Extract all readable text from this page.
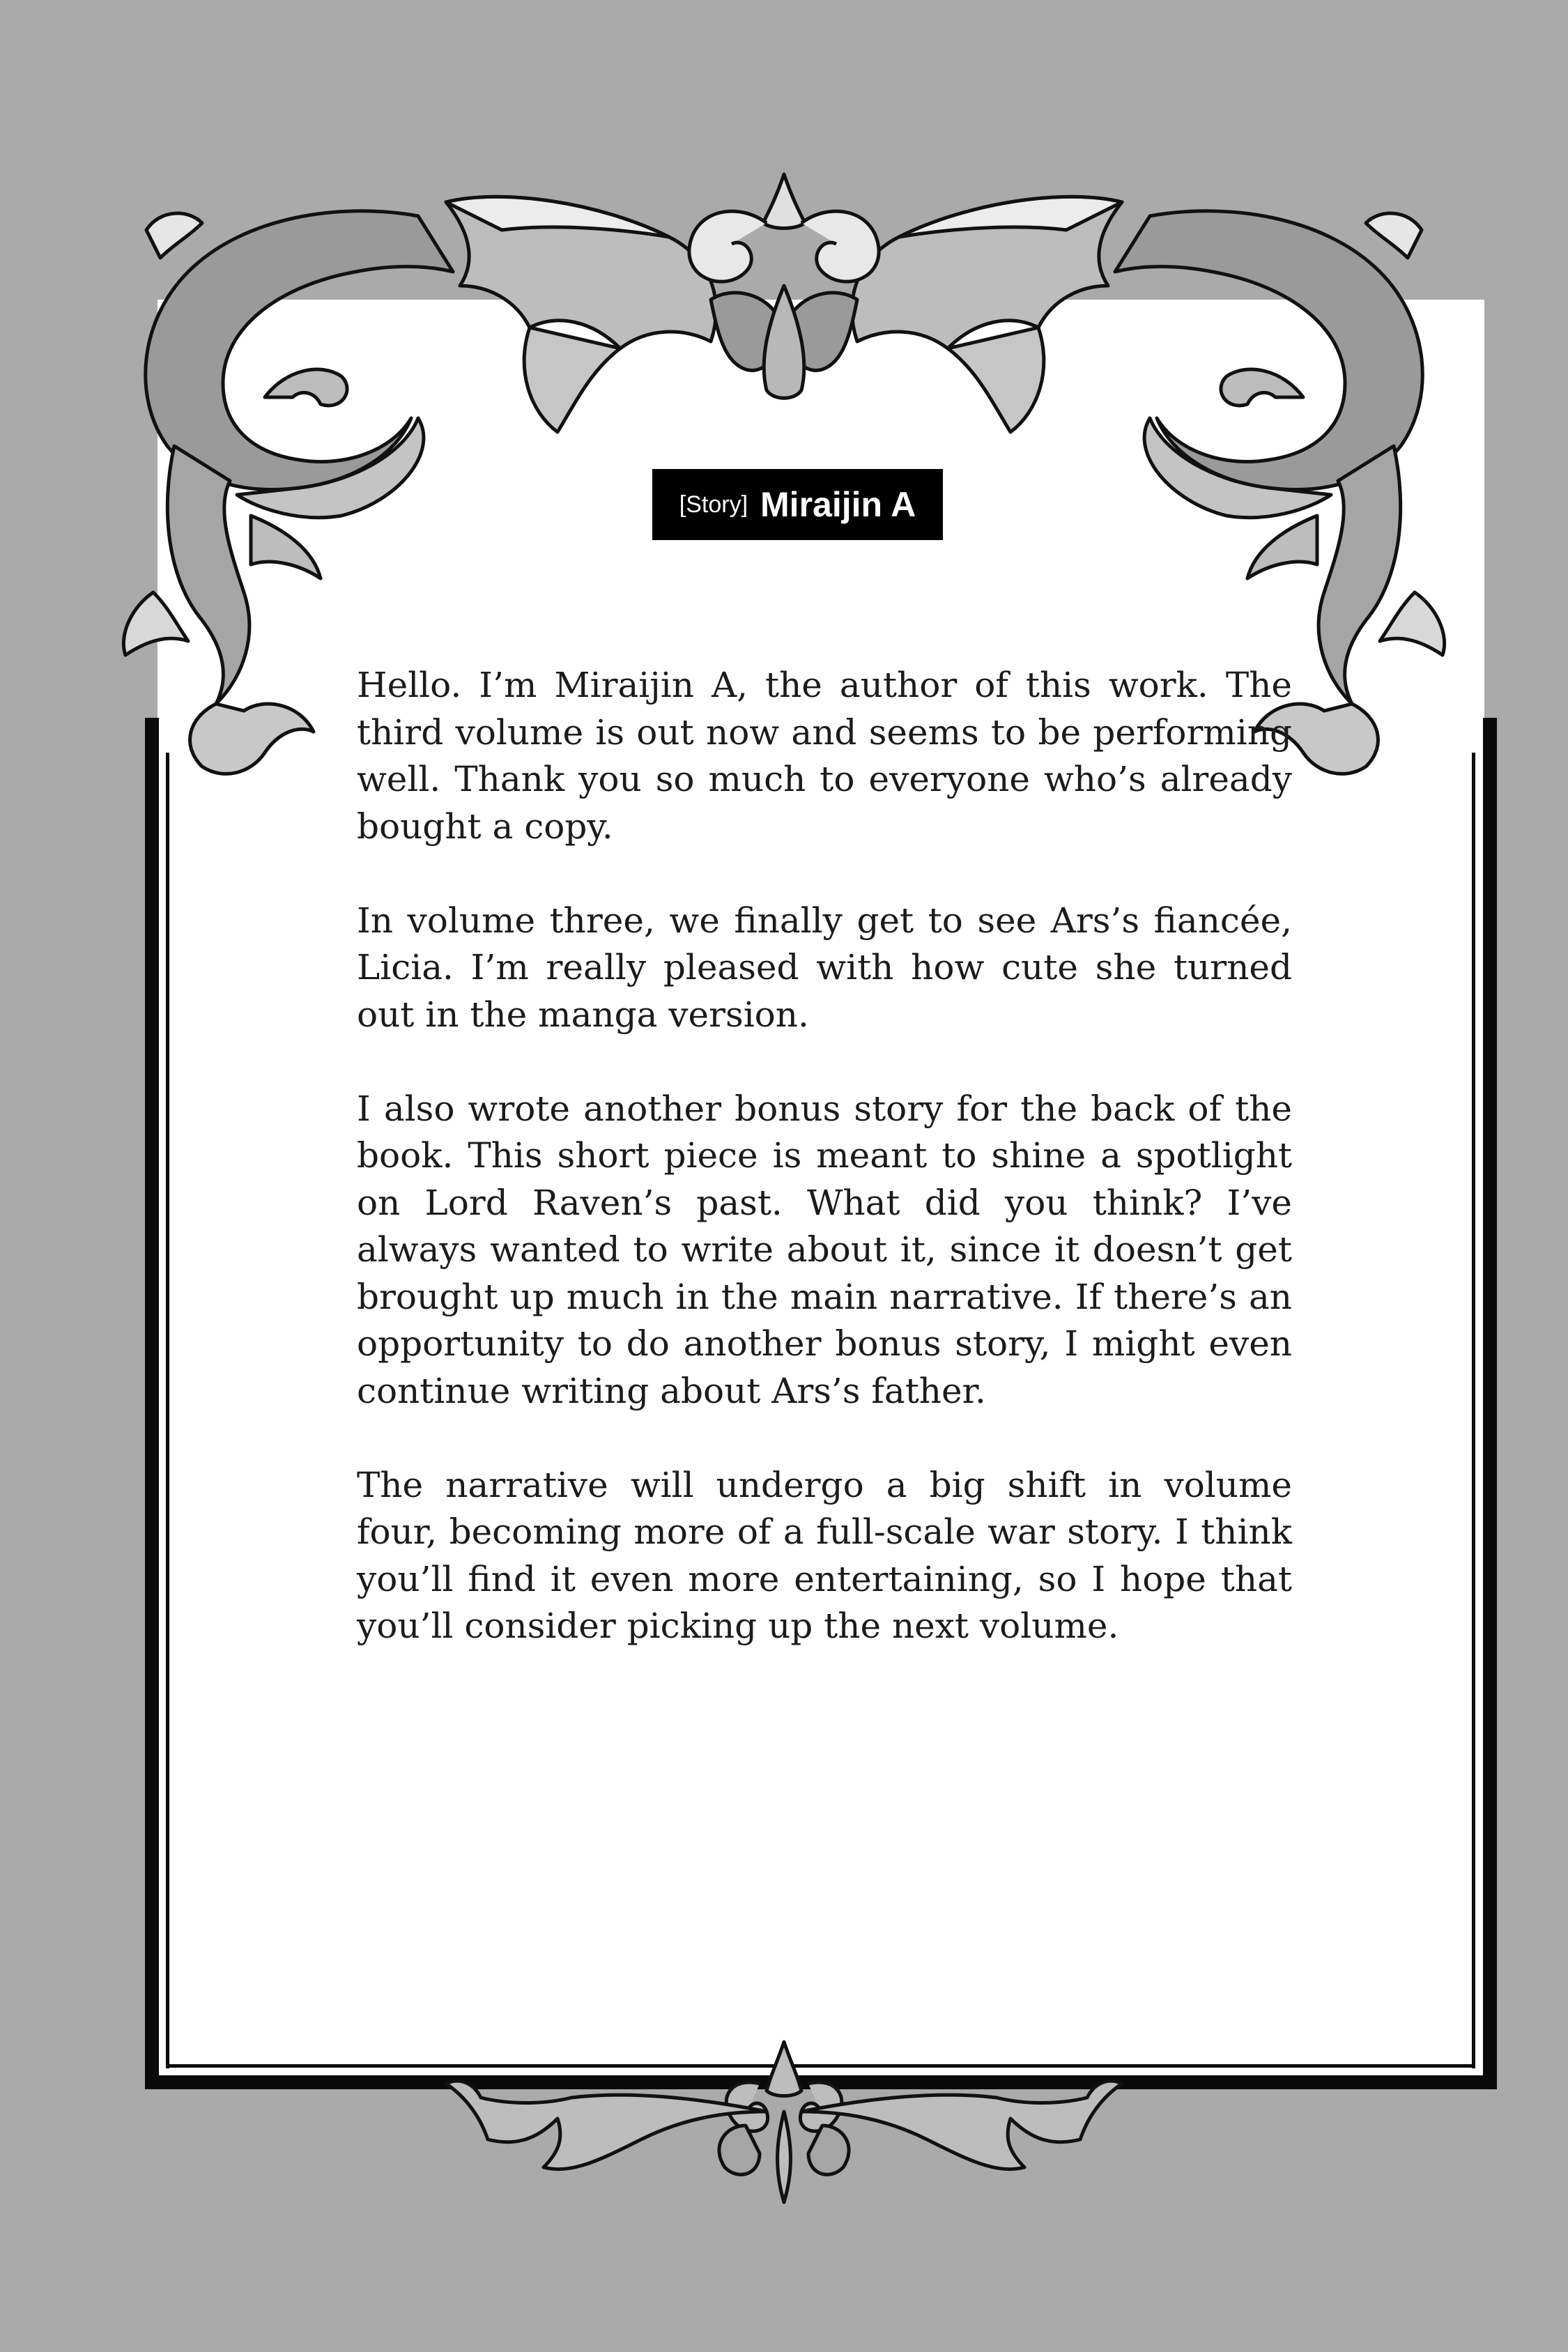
[Story] Miraijin A

Hello. I’m Miraijin A, the author of this work. The third volume is out now and seems to be performing well. Thank you so much to everyone who’s already bought a copy.

In volume three, we finally get to see Ars’s fiancée, Licia. I’m really pleased with how cute she turned out in the manga version.

I also wrote another bonus story for the back of the book. This short piece is meant to shine a spotlight on Lord Raven’s past. What did you think? I’ve always wanted to write about it, since it doesn’t get brought up much in the main narrative. If there’s an opportunity to do another bonus story, I might even continue writing about Ars’s father.

The narrative will undergo a big shift in volume four, becoming more of a full-scale war story. I think you’ll find it even more entertaining, so I hope that you’ll consider picking up the next volume.
